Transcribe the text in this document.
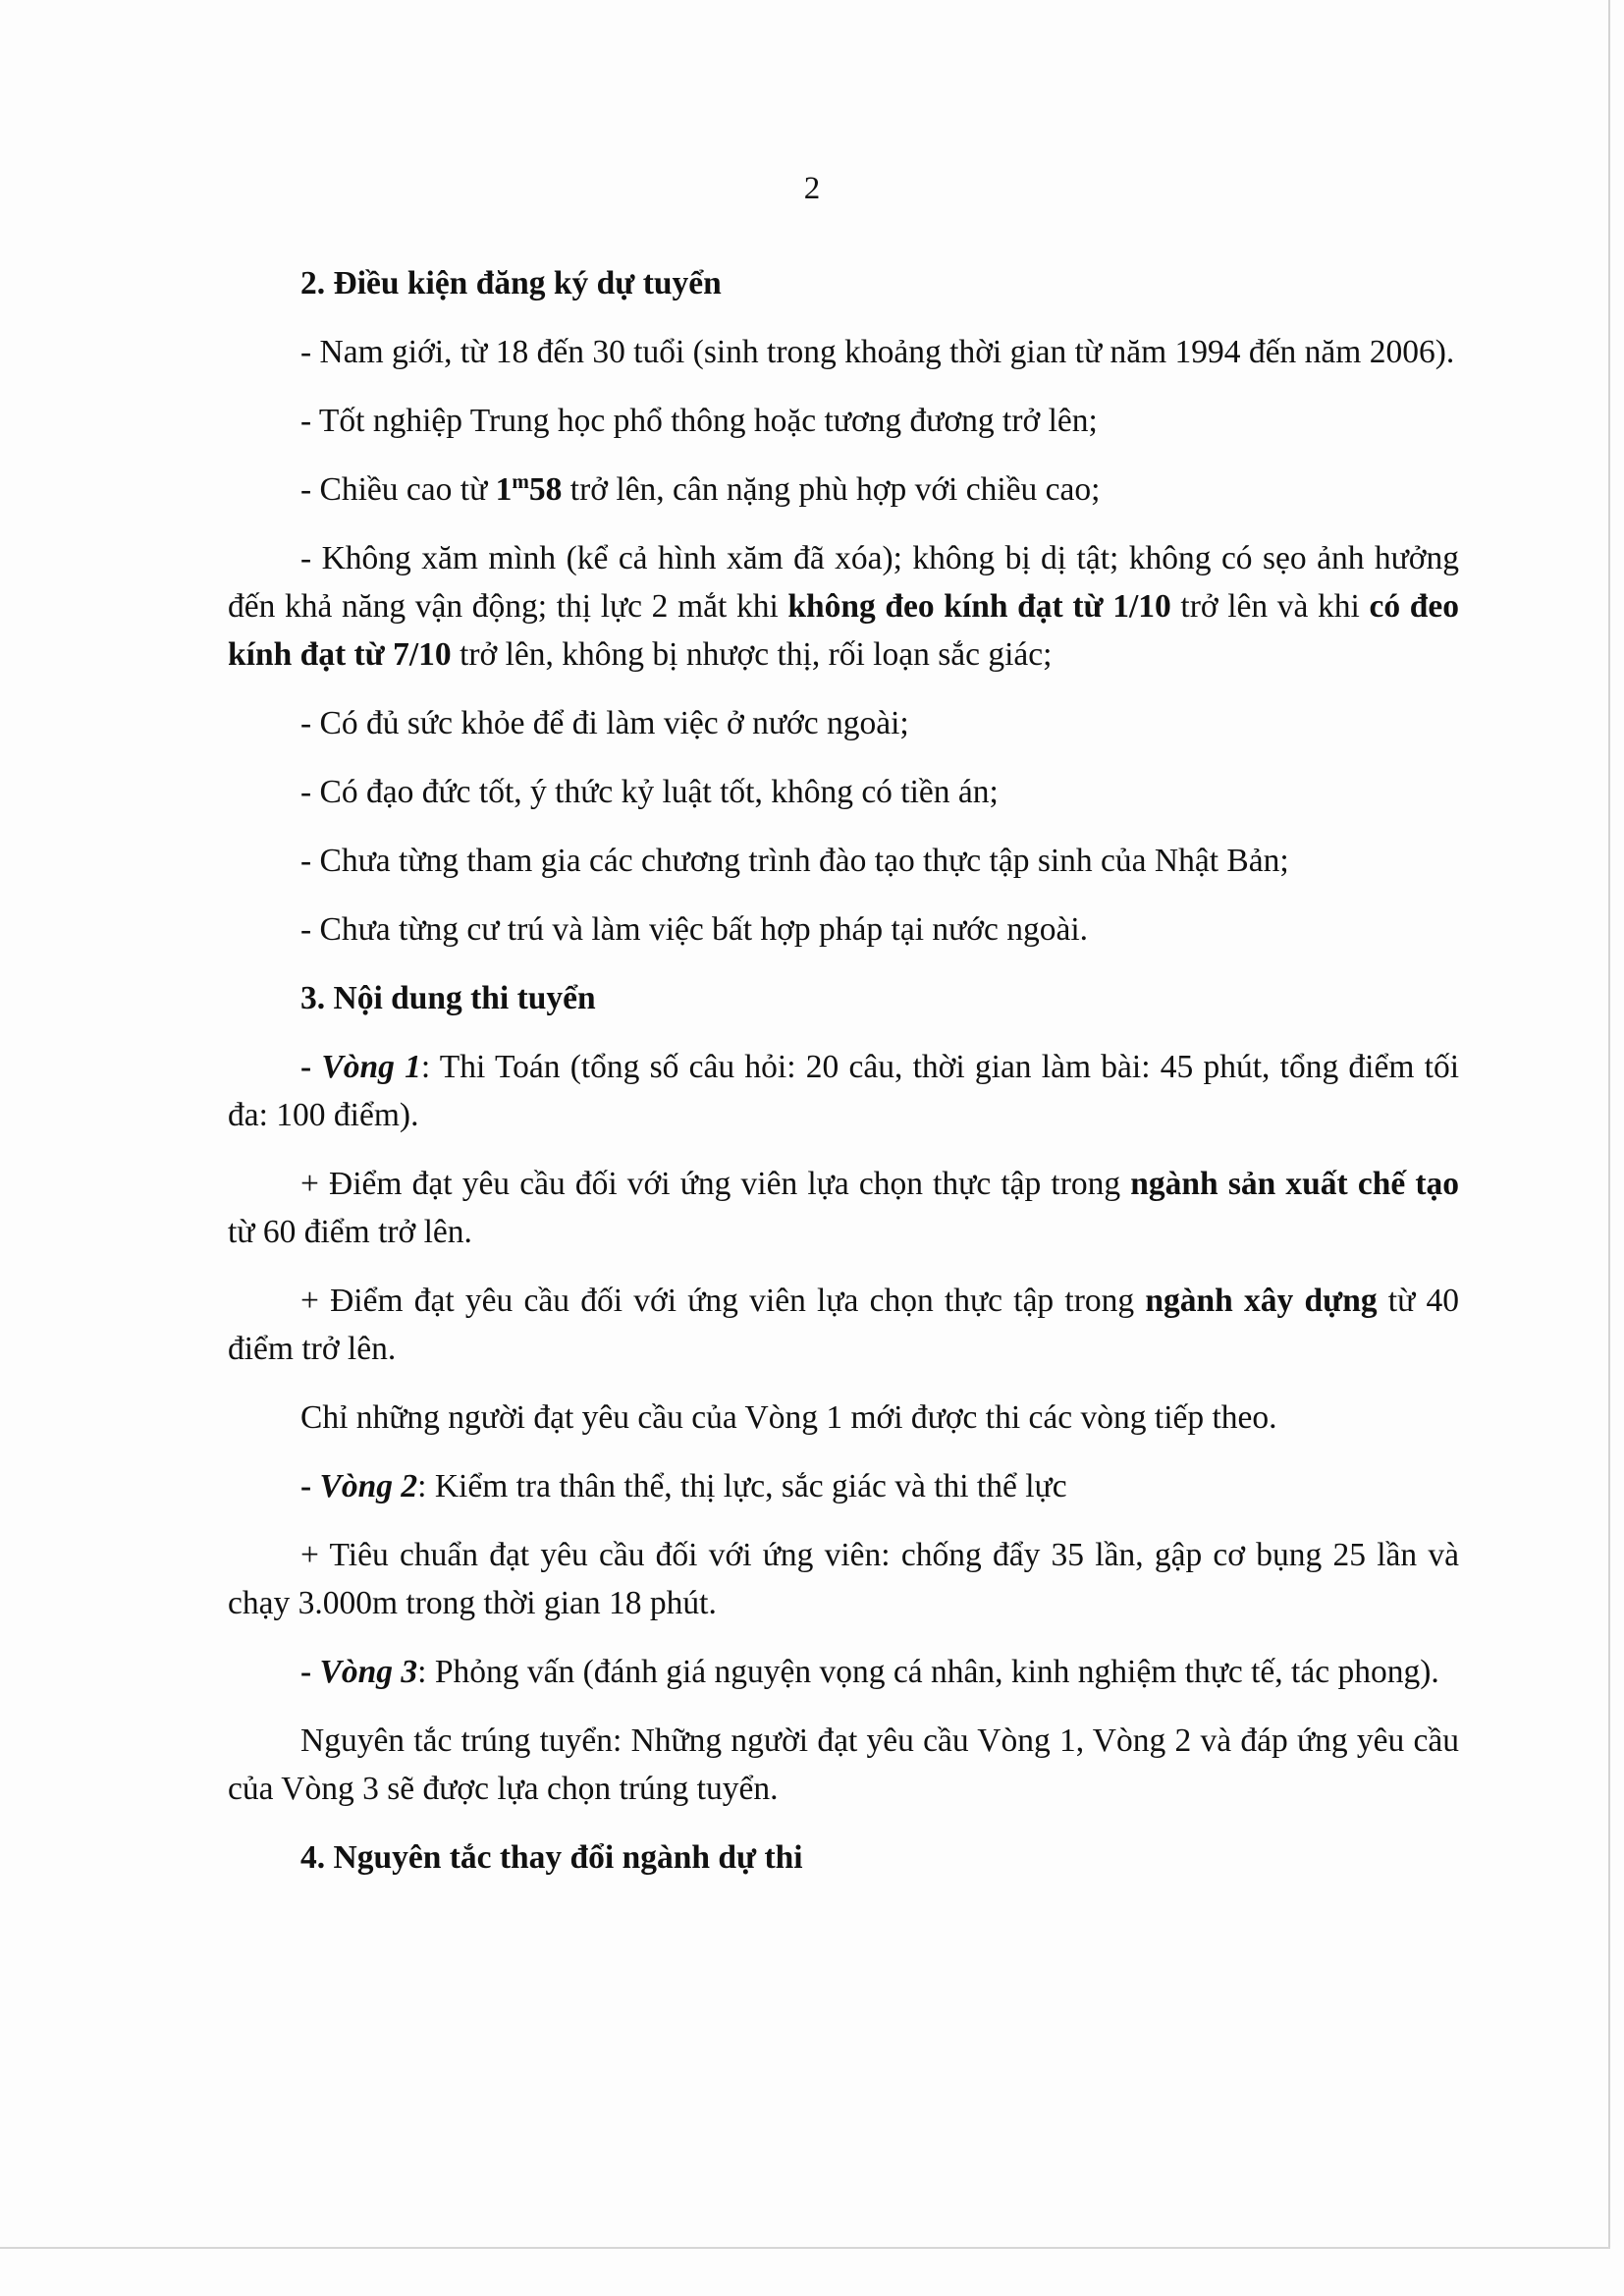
2

2. Điều kiện đăng ký dự tuyển

- Nam giới, từ 18 đến 30 tuổi (sinh trong khoảng thời gian từ năm 1994 đến năm 2006).

- Tốt nghiệp Trung học phổ thông hoặc tương đương trở lên;

- Chiều cao từ 1$^m$58 trở lên, cân nặng phù hợp với chiều cao;

- Không xăm mình (kể cả hình xăm đã xóa); không bị dị tật; không có sẹo ảnh hưởng đến khả năng vận động; thị lực 2 mắt khi không đeo kính đạt từ 1/10 trở lên và khi có đeo kính đạt từ 7/10 trở lên, không bị nhược thị, rối loạn sắc giác;

- Có đủ sức khỏe để đi làm việc ở nước ngoài;

- Có đạo đức tốt, ý thức kỷ luật tốt, không có tiền án;

- Chưa từng tham gia các chương trình đào tạo thực tập sinh của Nhật Bản;

- Chưa từng cư trú và làm việc bất hợp pháp tại nước ngoài.

3. Nội dung thi tuyển

- Vòng 1: Thi Toán (tổng số câu hỏi: 20 câu, thời gian làm bài: 45 phút, tổng điểm tối đa: 100 điểm).

+ Điểm đạt yêu cầu đối với ứng viên lựa chọn thực tập trong ngành sản xuất chế tạo từ 60 điểm trở lên.

+ Điểm đạt yêu cầu đối với ứng viên lựa chọn thực tập trong ngành xây dựng từ 40 điểm trở lên.

Chỉ những người đạt yêu cầu của Vòng 1 mới được thi các vòng tiếp theo.

- Vòng 2: Kiểm tra thân thể, thị lực, sắc giác và thi thể lực

+ Tiêu chuẩn đạt yêu cầu đối với ứng viên: chống đẩy 35 lần, gập cơ bụng 25 lần và chạy 3.000m trong thời gian 18 phút.

- Vòng 3: Phỏng vấn (đánh giá nguyện vọng cá nhân, kinh nghiệm thực tế, tác phong).

Nguyên tắc trúng tuyển: Những người đạt yêu cầu Vòng 1, Vòng 2 và đáp ứng yêu cầu của Vòng 3 sẽ được lựa chọn trúng tuyển.

4. Nguyên tắc thay đổi ngành dự thi
